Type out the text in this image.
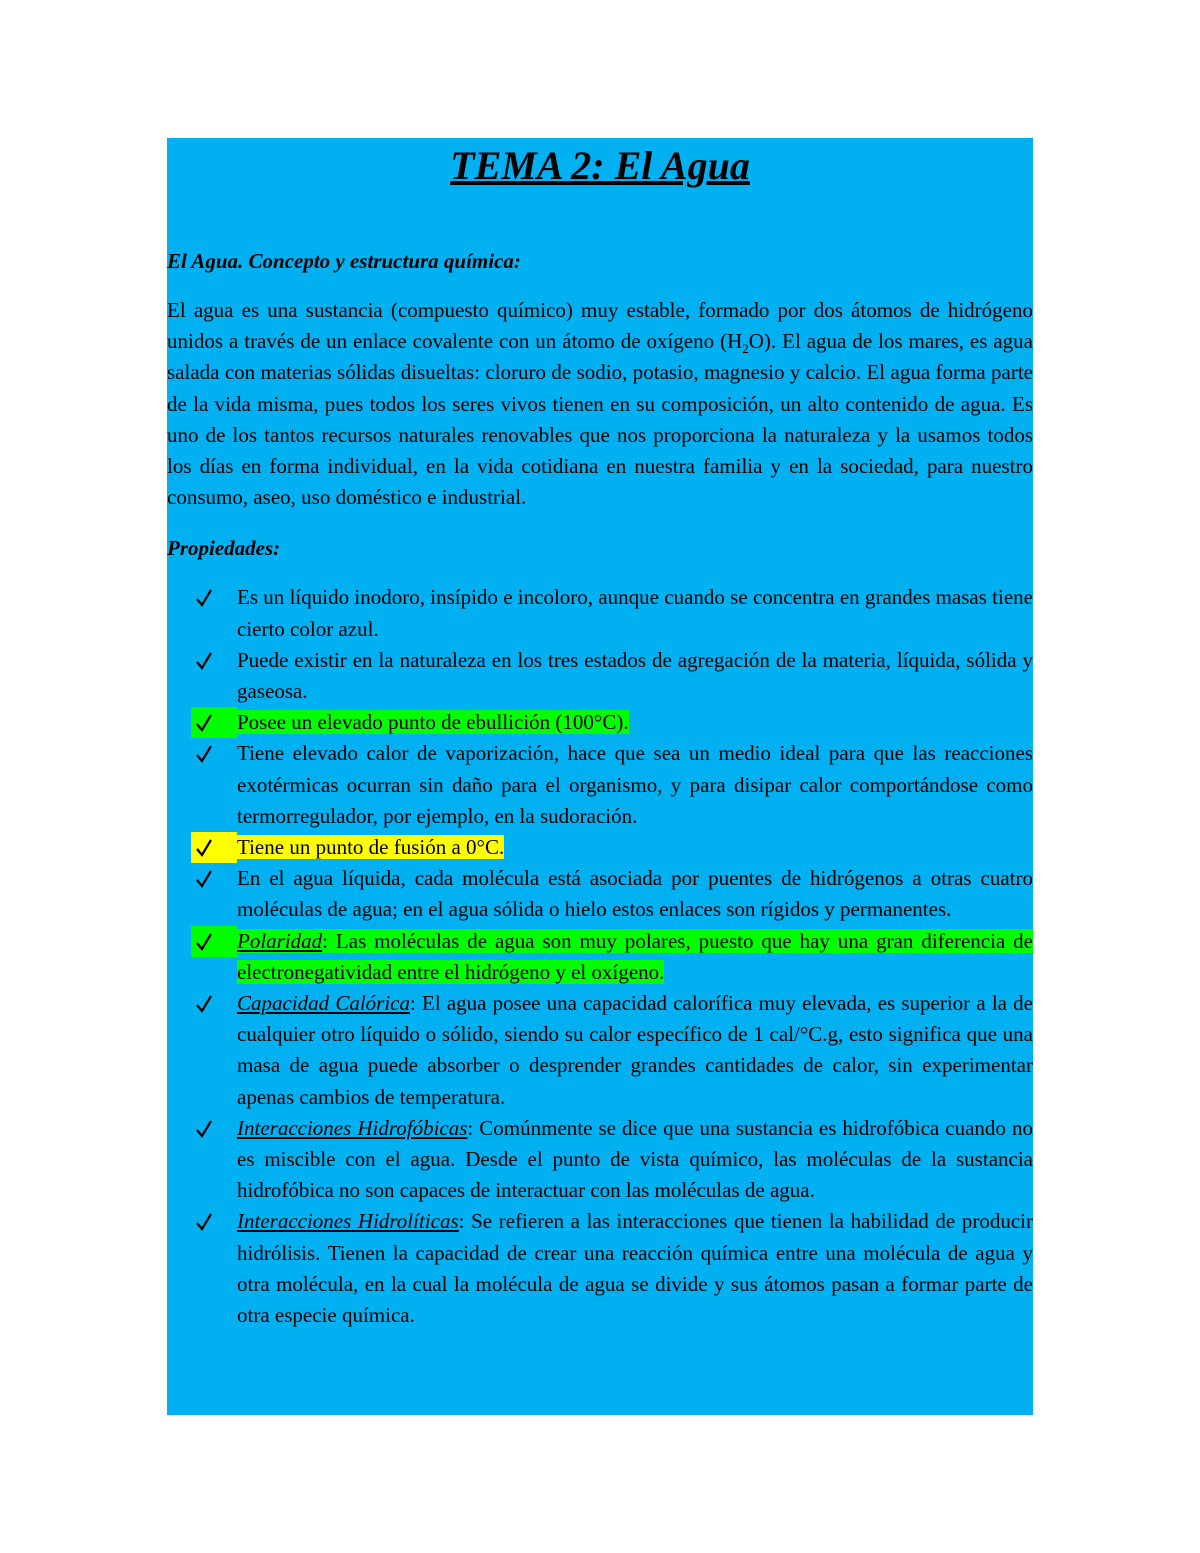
TEMA 2: El Agua

El Agua. Concepto y estructura química:

El agua es una sustancia (compuesto químico) muy estable, formado por dos átomos de hidrógeno unidos a través de un enlace covalente con un átomo de oxígeno $(H_2O)$. El agua de los mares, es agua salada con materias sólidas disueltas: cloruro de sodio, potasio, magnesio y calcio. El agua forma parte de la vida misma, pues todos los seres vivos tienen en su composición, un alto contenido de agua. Es uno de los tantos recursos naturales renovables que nos proporciona la naturaleza y la usamos todos los días en forma individual, en la vida cotidiana en nuestra familia y en la sociedad, para nuestro consumo, aseo, uso doméstico e industrial.

Propiedades:

Es un líquido inodoro, insípido e incoloro, aunque cuando se concentra en grandes masas tiene cierto color azul.
Puede existir en la naturaleza en los tres estados de agregación de la materia, líquida, sólida y gaseosa.
Posee un elevado punto de ebullición (100°C).
Tiene elevado calor de vaporización, hace que sea un medio ideal para que las reacciones exotérmicas ocurran sin daño para el organismo, y para disipar calor comportándose como termorregulador, por ejemplo, en la sudoración.
Tiene un punto de fusión a 0°C.
En el agua líquida, cada molécula está asociada por puentes de hidrógenos a otras cuatro moléculas de agua; en el agua sólida o hielo estos enlaces son rígidos y permanentes.
Polaridad: Las moléculas de agua son muy polares, puesto que hay una gran diferencia de electronegatividad entre el hidrógeno y el oxígeno.
Capacidad Calórica: El agua posee una capacidad calorífica muy elevada, es superior a la de cualquier otro líquido o sólido, siendo su calor específico de 1 cal/°C.g, esto significa que una masa de agua puede absorber o desprender grandes cantidades de calor, sin experimentar apenas cambios de temperatura.
Interacciones Hidrofóbicas: Comúnmente se dice que una sustancia es hidrofóbica cuando no es miscible con el agua. Desde el punto de vista químico, las moléculas de la sustancia hidrofóbica no son capaces de interactuar con las moléculas de agua.
Interacciones Hidrolíticas: Se refieren a las interacciones que tienen la habilidad de producir hidrólisis. Tienen la capacidad de crear una reacción química entre una molécula de agua y otra molécula, en la cual la molécula de agua se divide y sus átomos pasan a formar parte de otra especie química.
